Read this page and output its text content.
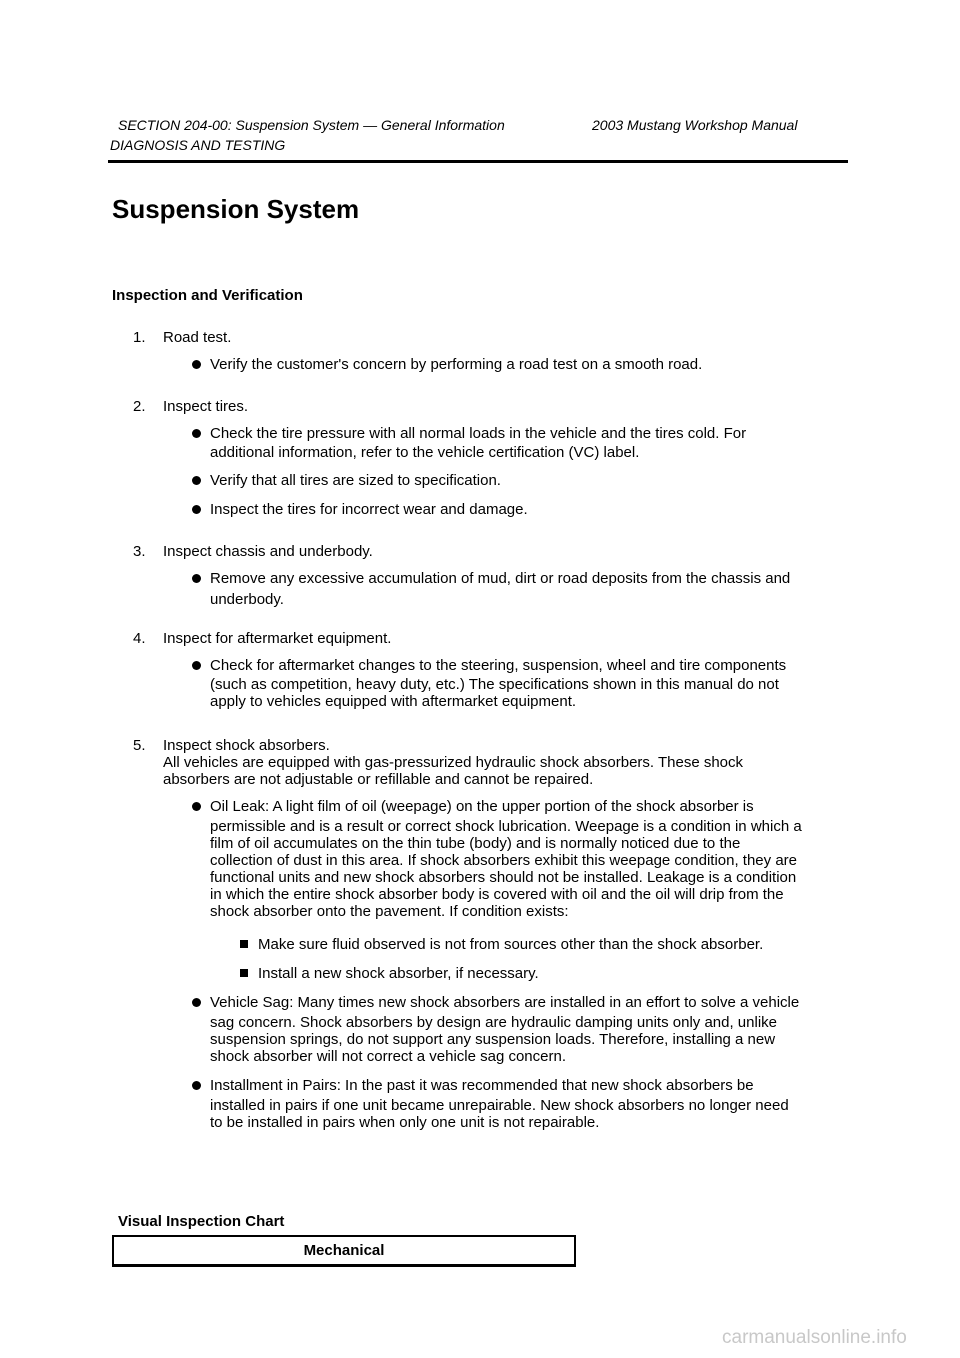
SECTION 204-00: Suspension System — General Information	2003 Mustang Workshop Manual
DIAGNOSIS AND TESTING
Suspension System
Inspection and Verification
1.	Road test.
Verify the customer's concern by performing a road test on a smooth road.
2.	Inspect tires.
Check the tire pressure with all normal loads in the vehicle and the tires cold. For
additional information, refer to the vehicle certification (VC) label.
Verify that all tires are sized to specification.
Inspect the tires for incorrect wear and damage.
3.	Inspect chassis and underbody.
Remove any excessive accumulation of mud, dirt or road deposits from the chassis and
underbody.
4.	Inspect for aftermarket equipment.
Check for aftermarket changes to the steering, suspension, wheel and tire components
(such as competition, heavy duty, etc.) The specifications shown in this manual do not
apply to vehicles equipped with aftermarket equipment.
5.	Inspect shock absorbers.
All vehicles are equipped with gas-pressurized hydraulic shock absorbers. These shock
absorbers are not adjustable or refillable and cannot be repaired.
Oil Leak: A light film of oil (weepage) on the upper portion of the shock absorber is
permissible and is a result or correct shock lubrication. Weepage is a condition in which a
film of oil accumulates on the thin tube (body) and is normally noticed due to the
collection of dust in this area. If shock absorbers exhibit this weepage condition, they are
functional units and new shock absorbers should not be installed. Leakage is a condition
in which the entire shock absorber body is covered with oil and the oil will drip from the
shock absorber onto the pavement. If condition exists:
Make sure fluid observed is not from sources other than the shock absorber.
Install a new shock absorber, if necessary.
Vehicle Sag: Many times new shock absorbers are installed in an effort to solve a vehicle
sag concern. Shock absorbers by design are hydraulic damping units only and, unlike
suspension springs, do not support any suspension loads. Therefore, installing a new
shock absorber will not correct a vehicle sag concern.
Installment in Pairs: In the past it was recommended that new shock absorbers be
installed in pairs if one unit became unrepairable. New shock absorbers no longer need
to be installed in pairs when only one unit is not repairable.
Visual Inspection Chart
Mechanical
carmanualsonline.info
